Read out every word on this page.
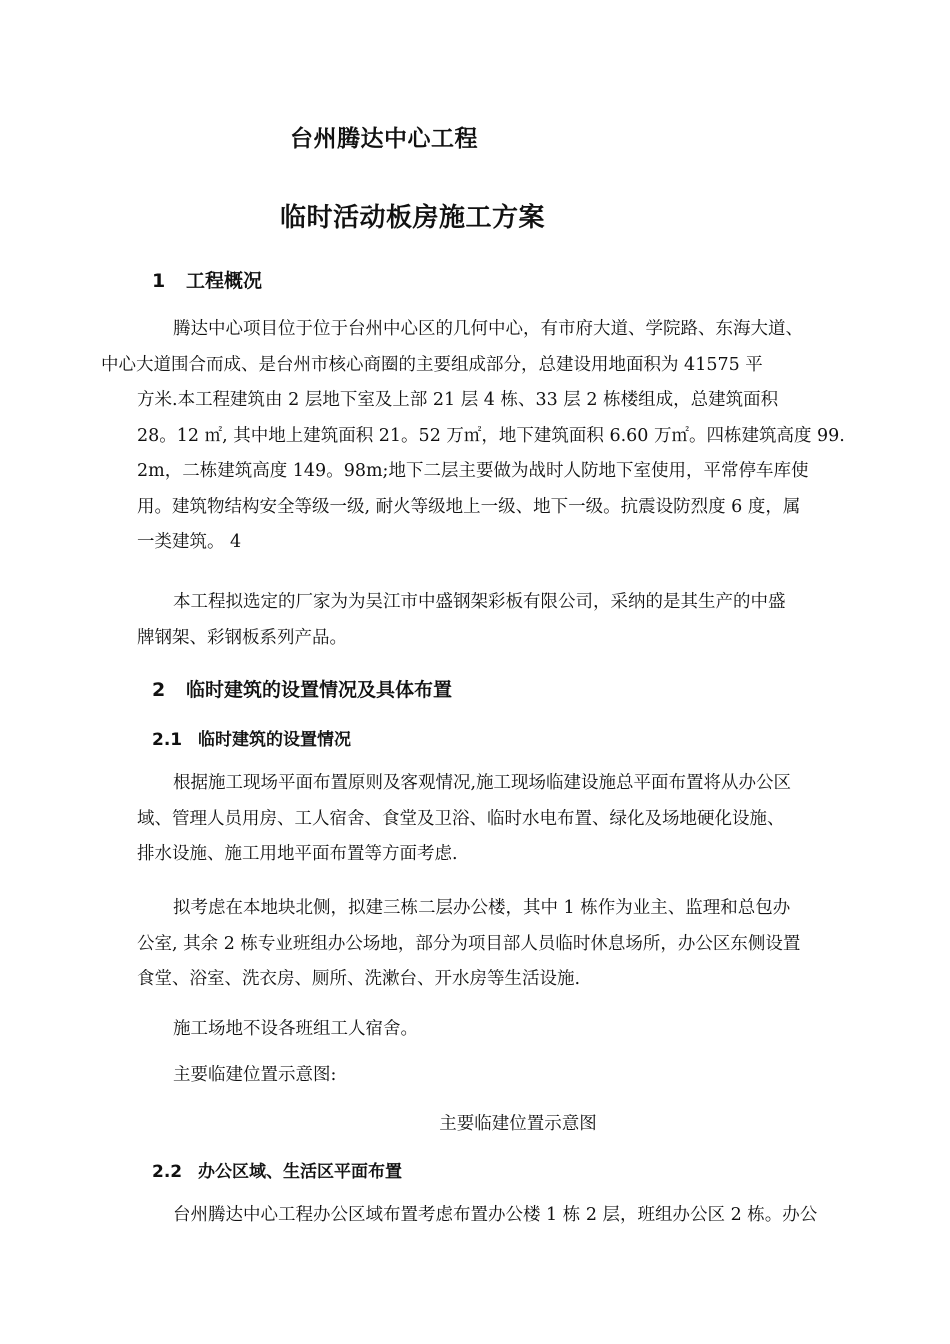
台州腾达中心工程
临时活动板房施工方案
1 工程概况
腾达中心项目位于位于台州中心区的几何中心，有市府大道、学院路、东海大道、
中心大道围合而成、是台州市核心商圈的主要组成部分，总建设用地面积为 41575 平
方米.本工程建筑由 2 层地下室及上部 21 层 4 栋、33 层 2 栋楼组成，总建筑面积
28。12 ㎡, 其中地上建筑面积 21。52 万㎡，地下建筑面积 6.60 万㎡。四栋建筑高度 99.
2m，二栋建筑高度 149。98m;地下二层主要做为战时人防地下室使用，平常停车库使
用。建筑物结构安全等级一级, 耐火等级地上一级、地下一级。抗震设防烈度 6 度，属
一类建筑。 4
本工程拟选定的厂家为为吴江市中盛钢架彩板有限公司，采纳的是其生产的中盛
牌钢架、彩钢板系列产品。
2 临时建筑的设置情况及具体布置
2.1 临时建筑的设置情况
根据施工现场平面布置原则及客观情况,施工现场临建设施总平面布置将从办公区
域、管理人员用房、工人宿舍、食堂及卫浴、临时水电布置、绿化及场地硬化设施、
排水设施、施工用地平面布置等方面考虑.
拟考虑在本地块北侧，拟建三栋二层办公楼，其中 1 栋作为业主、监理和总包办
公室, 其余 2 栋专业班组办公场地，部分为项目部人员临时休息场所，办公区东侧设置
食堂、浴室、洗衣房、厕所、洗漱台、开水房等生活设施.
施工场地不设各班组工人宿舍。
主要临建位置示意图:
主要临建位置示意图
2.2 办公区域、生活区平面布置
台州腾达中心工程办公区域布置考虑布置办公楼 1 栋 2 层，班组办公区 2 栋。办公
